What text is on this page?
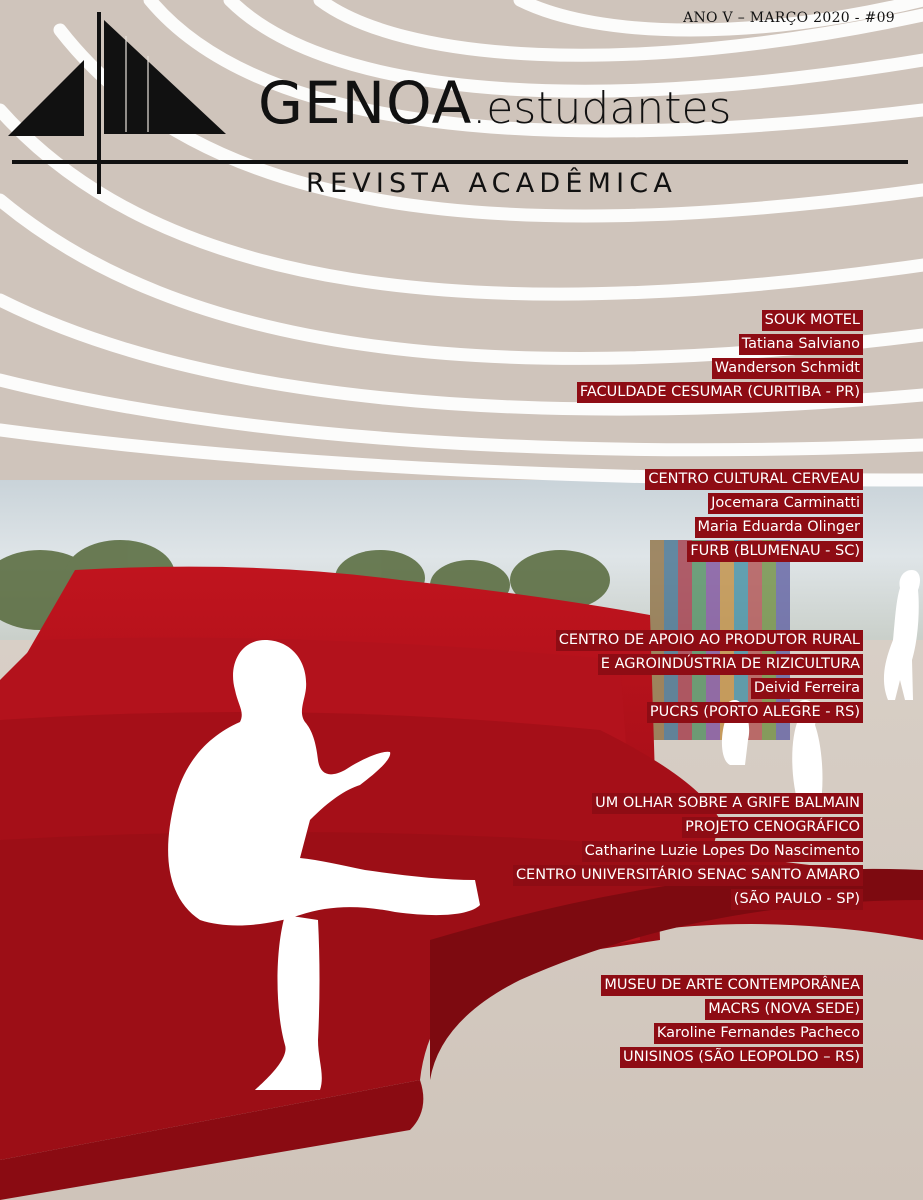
ANO V – MARÇO 2020 - #09
GENOA.estudantes
REVISTA ACADÊMICA
SOUK MOTEL
Tatiana Salviano
Wanderson Schmidt
FACULDADE CESUMAR (CURITIBA - PR)
CENTRO CULTURAL CERVEAU
Jocemara Carminatti
Maria Eduarda Olinger
FURB (BLUMENAU - SC)
CENTRO DE APOIO AO PRODUTOR RURAL
E AGROINDÚSTRIA DE RIZICULTURA
Deivid Ferreira
PUCRS (PORTO ALEGRE - RS)
UM OLHAR SOBRE A GRIFE BALMAIN
PROJETO CENOGRÁFICO
Catharine Luzie Lopes Do Nascimento
CENTRO UNIVERSITÁRIO SENAC SANTO AMARO
(SÃO PAULO - SP)
MUSEU DE ARTE CONTEMPORÂNEA
MACRS (NOVA SEDE)
Karoline Fernandes Pacheco
UNISINOS (SÃO LEOPOLDO – RS)
